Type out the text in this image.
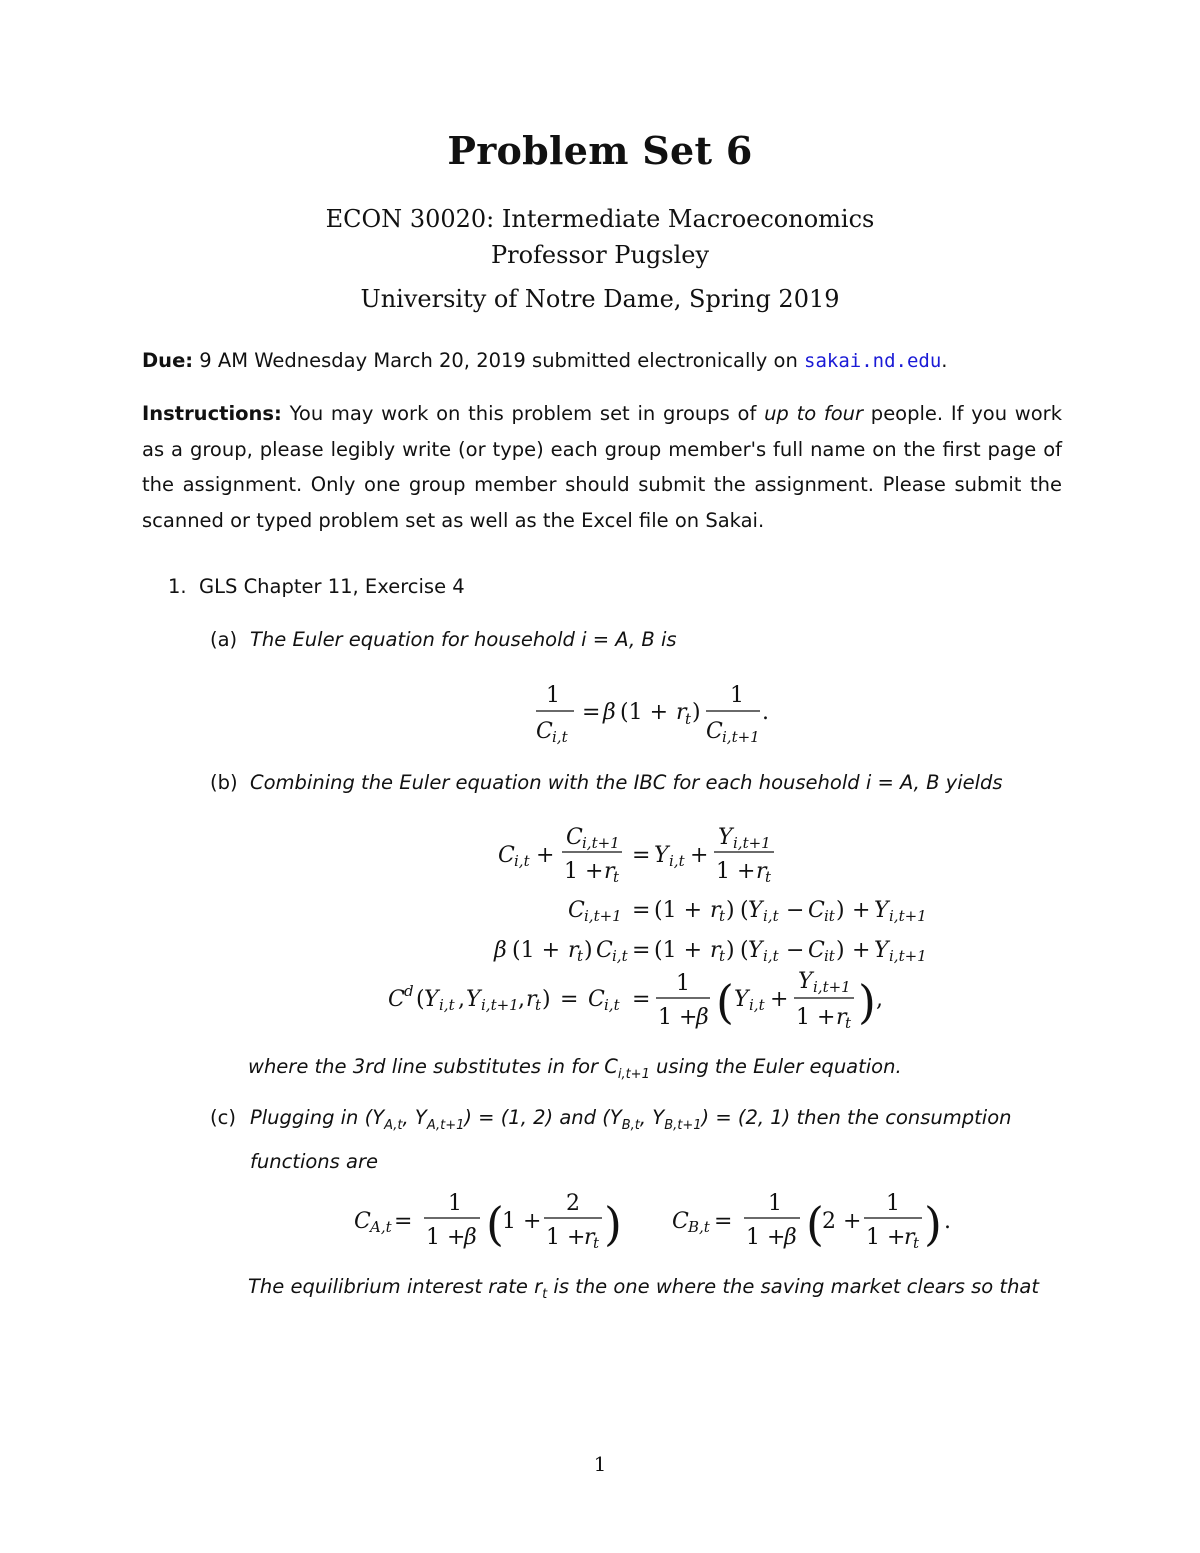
Problem Set 6
ECON 30020: Intermediate Macroeconomics
Professor Pugsley
University of Notre Dame, Spring 2019
Due: 9 AM Wednesday March 20, 2019 submitted electronically on sakai.nd.edu.
Instructions: You may work on this problem set in groups of up to four people. If you work as a group, please legibly write (or type) each group member's full name on the first page of the assignment. Only one group member should submit the assignment. Please submit the scanned or typed problem set as well as the Excel file on Sakai.
1. GLS Chapter 11, Exercise 4
(a) The Euler equation for household i = A, B is
1
C i,t
= β (1 + r
t )
1
C i,t+1
.
(b) Combining the Euler equation with the IBC for each household i = A, B yields
C i,t +
C i,t+1
1 + r
t
= Y i,t +
Y i,t+1
1 + r
t
C i,t+1 = (1 + r
t ) ( Y i,t − C it ) + Y i,t+1
β (1 + r
t ) C i,t = (1 + r
t ) ( Y i,t − C it ) + Y i,t+1
C d ( Y i,t , Y i,t+1 , r
t ) = C i,t =
1
1 +
β ( Y i,t +
Y i,t+1
1 + r
t ) ,
where the 3rd line substitutes in for $C_{i,t+1}$ using the Euler equation.
(c) Plugging in ($Y_{A,t}$, $Y_{A,t+1}) = (1$, 2) and ($Y_{B,t}$, $Y_{B,t+1}) = (2$, 1) then the consumption
functions are
C A,t =
1
1 +
β (
1 +
2
1 +
r
t ) C B,t =
1
1 +
β (
2 +
1
1 +
r
t ) .
The equilibrium interest rate $r_t$ is the one where the saving market clears so that
1
